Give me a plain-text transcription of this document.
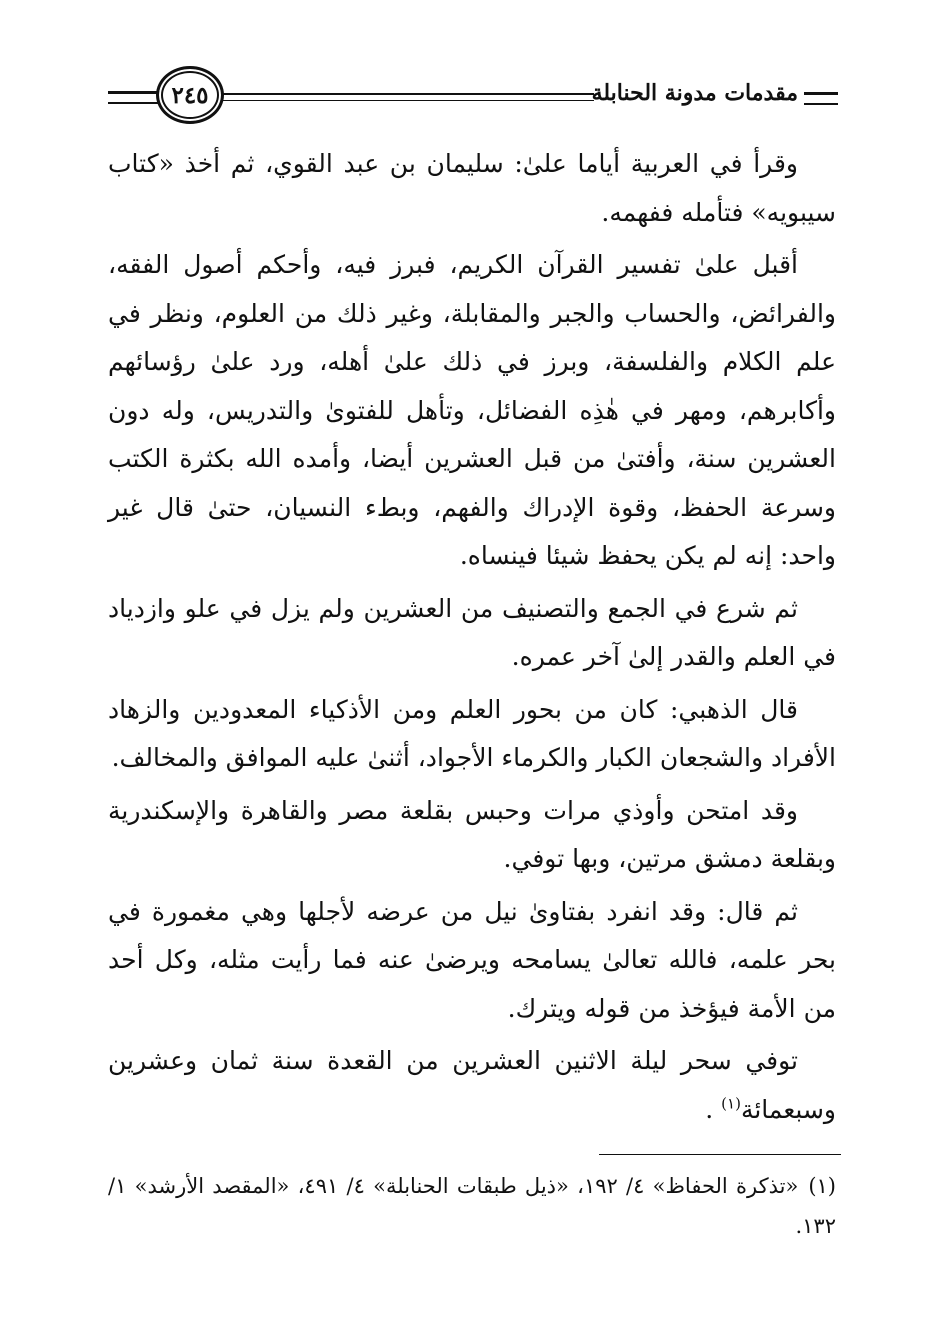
مقدمات مدونة الحنابلة
٢٤٥

وقرأ في العربية أياما علىٰ: سليمان بن عبد القوي، ثم أخذ «كتاب سيبويه» فتأمله ففهمه.

أقبل علىٰ تفسير القرآن الكريم، فبرز فيه، وأحكم أصول الفقه، والفرائض، والحساب والجبر والمقابلة، وغير ذلك من العلوم، ونظر في علم الكلام والفلسفة، وبرز في ذلك علىٰ أهله، ورد علىٰ رؤسائهم وأكابرهم، ومهر في هٰذِه الفضائل، وتأهل للفتوىٰ والتدريس، وله دون العشرين سنة، وأفتىٰ من قبل العشرين أيضا، وأمده الله بكثرة الكتب وسرعة الحفظ، وقوة الإدراك والفهم، وبطء النسيان، حتىٰ قال غير واحد: إنه لم يكن يحفظ شيئا فينساه.

ثم شرع في الجمع والتصنيف من العشرين ولم يزل في علو وازدياد في العلم والقدر إلىٰ آخر عمره.

قال الذهبي: كان من بحور العلم ومن الأذكياء المعدودين والزهاد الأفراد والشجعان الكبار والكرماء الأجواد، أثنىٰ عليه الموافق والمخالف.

وقد امتحن وأوذي مرات وحبس بقلعة مصر والقاهرة والإسكندرية وبقلعة دمشق مرتين، وبها توفي.

ثم قال: وقد انفرد بفتاوىٰ نيل من عرضه لأجلها وهي مغمورة في بحر علمه، فالله تعالىٰ يسامحه ويرضىٰ عنه فما رأيت مثله، وكل أحد من الأمة فيؤخذ من قوله ويترك.

توفي سحر ليلة الاثنين العشرين من القعدة سنة ثمان وعشرين وسبعمائة$^{(١)}$ .

(١)«تذكرة الحفاظ» ٤/ ١٩٢، «ذيل طبقات الحنابلة» ٤/ ٤٩١، «المقصد الأرشد» ١/ ١٣٢.
